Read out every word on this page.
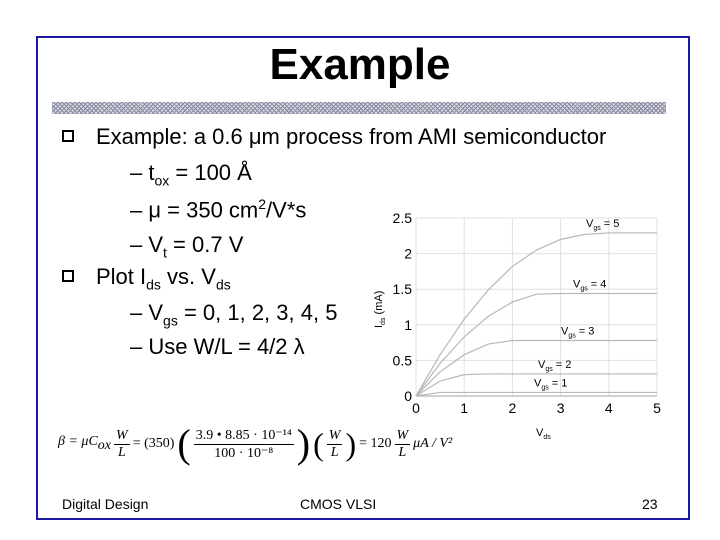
Example
Example: a 0.6 μm process from AMI semiconductor
– $t_{ox} = 100$ Å
– μ = 350 $cm^2/V*s$
– $V_t = 0.7$ V
Plot $I_{ds}$ vs. $V_{ds}$
– $V_{gs} = 0$, 1, 2, 3, 4, 5
– Use W/L = 4/2 λ
0	1	2	3	4	5
0
0.5
1
1.5
2
2.5
$V_{ds}$
$I_{ds}$ (mA)
$V_{gs} = 5$
$V_{gs} = 4$
$V_{gs} = 3$
$V_{gs} = 2$
$V_{gs} = 1$
$\beta = \mu C_{ox} \frac{W}{L} = (350)$ ( $\frac{\text{3.9 • 8.85 · 10⁻¹⁴}}{\text{100 · 10⁻⁸}}$ ) ( $\frac{W}{L}$ ) = $120 \frac{W}{L}$ μA / V²
Digital Design	CMOS VLSI	23
